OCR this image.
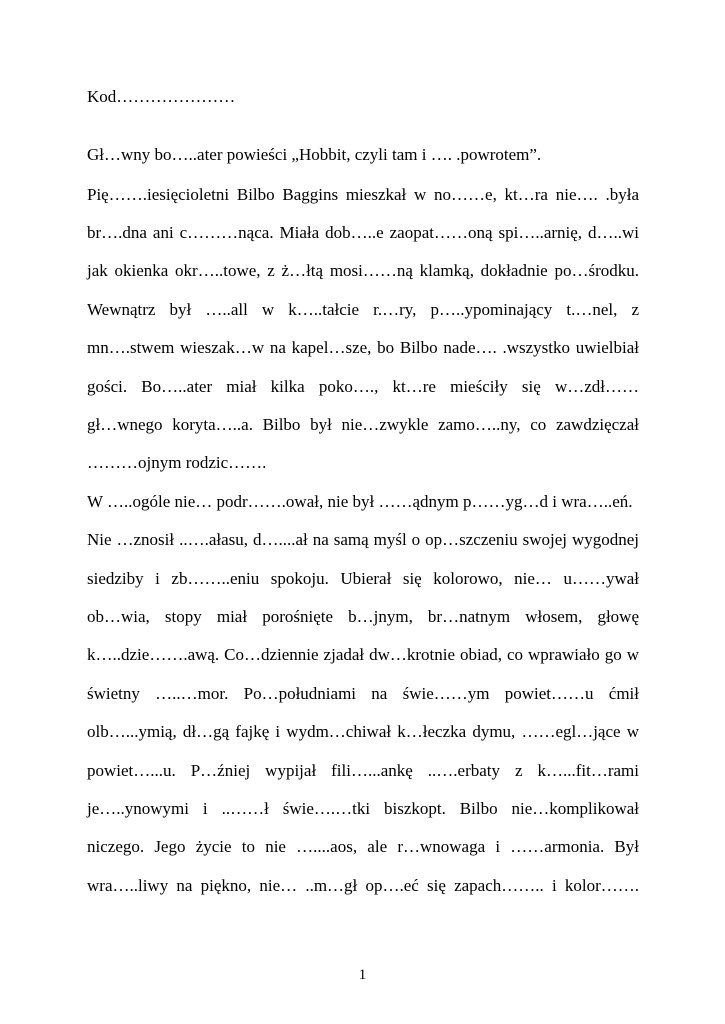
Kod…………………
Gł…wny bo…..ater powieści „Hobbit, czyli tam i …. .powrotem”.
Pię…….iesięcioletni Bilbo Baggins mieszkał w no……e, kt…ra nie…. .była
br….dna ani c………nąca. Miała dob…..e zaopat……oną spi…..arnię, d…..wi
jak okienka okr…..towe, z ż…łtą mosi……ną klamką, dokładnie po…środku.
Wewnątrz był …..all w k…..tałcie r.…ry, p…..ypominający t.…nel, z
mn….stwem wieszak…w na kapel…sze, bo Bilbo nade…. .wszystko uwielbiał
gości. Bo…..ater miał kilka poko…., kt…re mieściły się w…zdł……
gł…wnego koryta…..a. Bilbo był nie…zwykle zamo…..ny, co zawdzięczał
………ojnym rodzic…….
W …..ogóle nie… podr…….ował, nie był ……ądnym p……yg…d i wra…..eń.
Nie …znosił ..….ałasu, d…....ał na samą myśl o op…szczeniu swojej wygodnej
siedziby i zb……..eniu spokoju. Ubierał się kolorowo, nie… u……ywał
ob…wia, stopy miał porośnięte b…jnym, br…natnym włosem, głowę
k…..dzie…….awą. Co…dziennie zjadał dw…krotnie obiad, co wprawiało go w
świetny …..…mor. Po…południami na świe……ym powiet……u ćmił
olb…...ymią, dł…gą fajkę i wydm…chiwał k…łeczka dymu, ……egl…jące w
powiet…...u. P…źniej wypijał fili…...ankę ..….erbaty z k…...fit…rami
je…..ynowymi i ..……ł świe….…tki biszkopt. Bilbo nie…komplikował
niczego. Jego życie to nie …....aos, ale r…wnowaga i ……armonia. Był
wra…..liwy na piękno, nie… ..m…gł op….eć się zapach…….. i kolor…….
1
